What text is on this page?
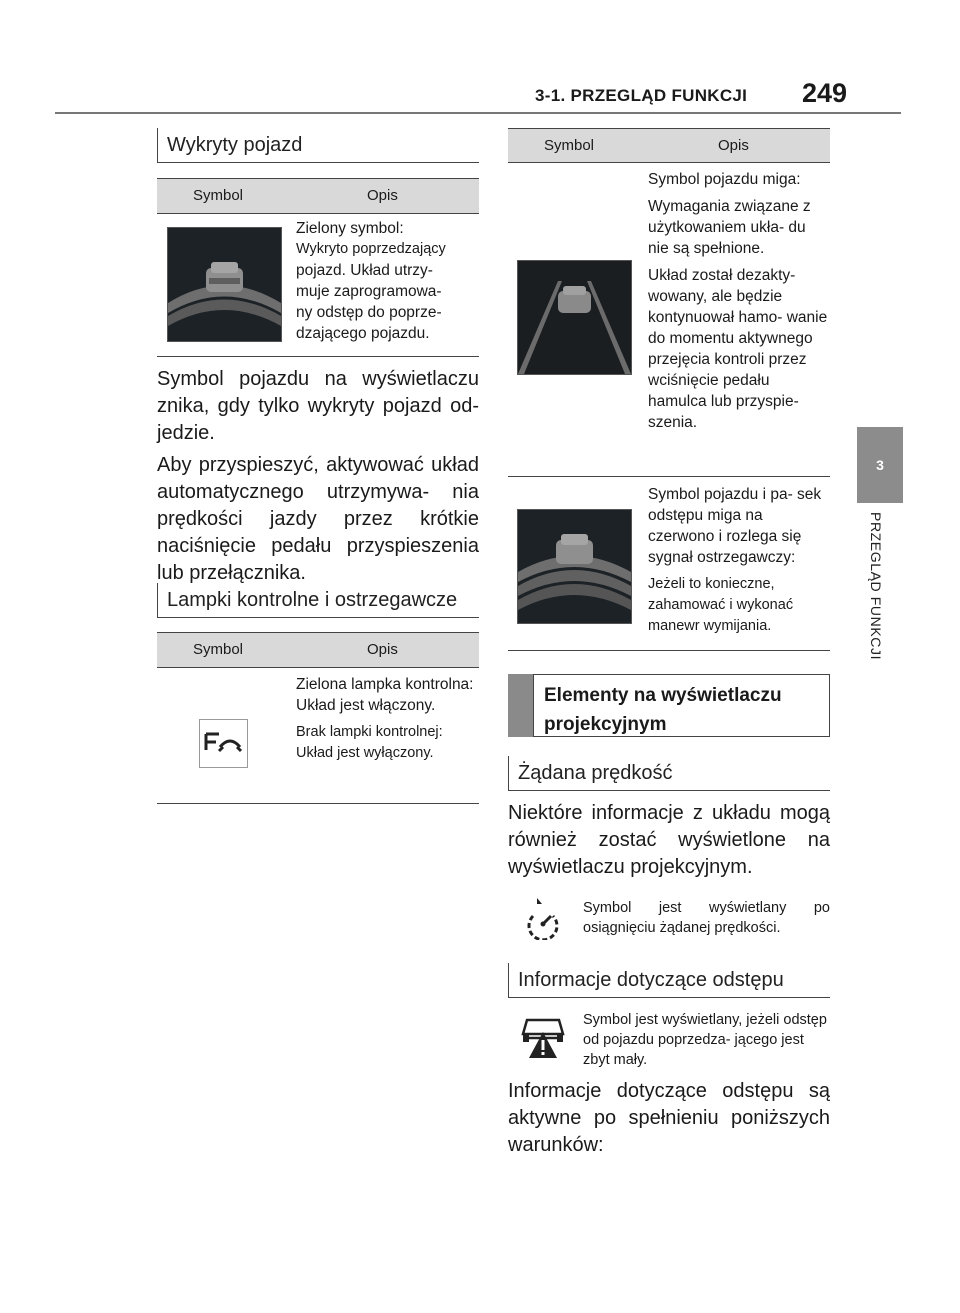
3-1. PRZEGLĄD FUNKCJI 249
3
PRZEGLĄD FUNKCJI
Wykryty pojazd
Symbol	Opis
Zielony symbol:
Wykryto poprzedzający
pojazd. Układ utrzy-
muje zaprogramowa-
ny odstęp do poprze-
dzającego pojazdu.

Symbol pojazdu na wyświetlaczu znika, gdy tylko wykryty pojazd od- jedzie.

Aby przyspieszyć, aktywować układ automatycznego utrzymywa- nia prędkości jazdy przez krótkie naciśnięcie pedału przyspieszenia lub przełącznika.

Lampki kontrolne i ostrzegawcze
Symbol	Opis

Zielona lampka kontrolna: Układ jest włączony.

Brak lampki kontrolnej: Układ jest wyłączony.

Symbol	Opis

Symbol pojazdu miga:

Wymagania związane z użytkowaniem ukła- du nie są spełnione.

Układ został dezakty- wowany, ale będzie kontynuował hamo- wanie do momentu aktywnego przejęcia kontroli przez wciśnięcie pedału hamulca lub przyspie- szenia.

Symbol pojazdu i pa- sek odstępu miga na czerwono i rozlega się sygnał ostrzegawczy:

Jeżeli to konieczne, zahamować i wykonać manewr wymijania.

Elementy na wyświetlaczu projekcyjnym
Żądana prędkość

Niektóre informacje z układu mogą również zostać wyświetlone na wyświetlaczu projekcyjnym.

Symbol jest wyświetlany po osiągnięciu żądanej prędkości.
Informacje dotyczące odstępu
Symbol jest wyświetlany, jeżeli odstęp od pojazdu poprzedza- jącego jest zbyt mały.

Informacje dotyczące odstępu są aktywne po spełnieniu poniższych warunków:
